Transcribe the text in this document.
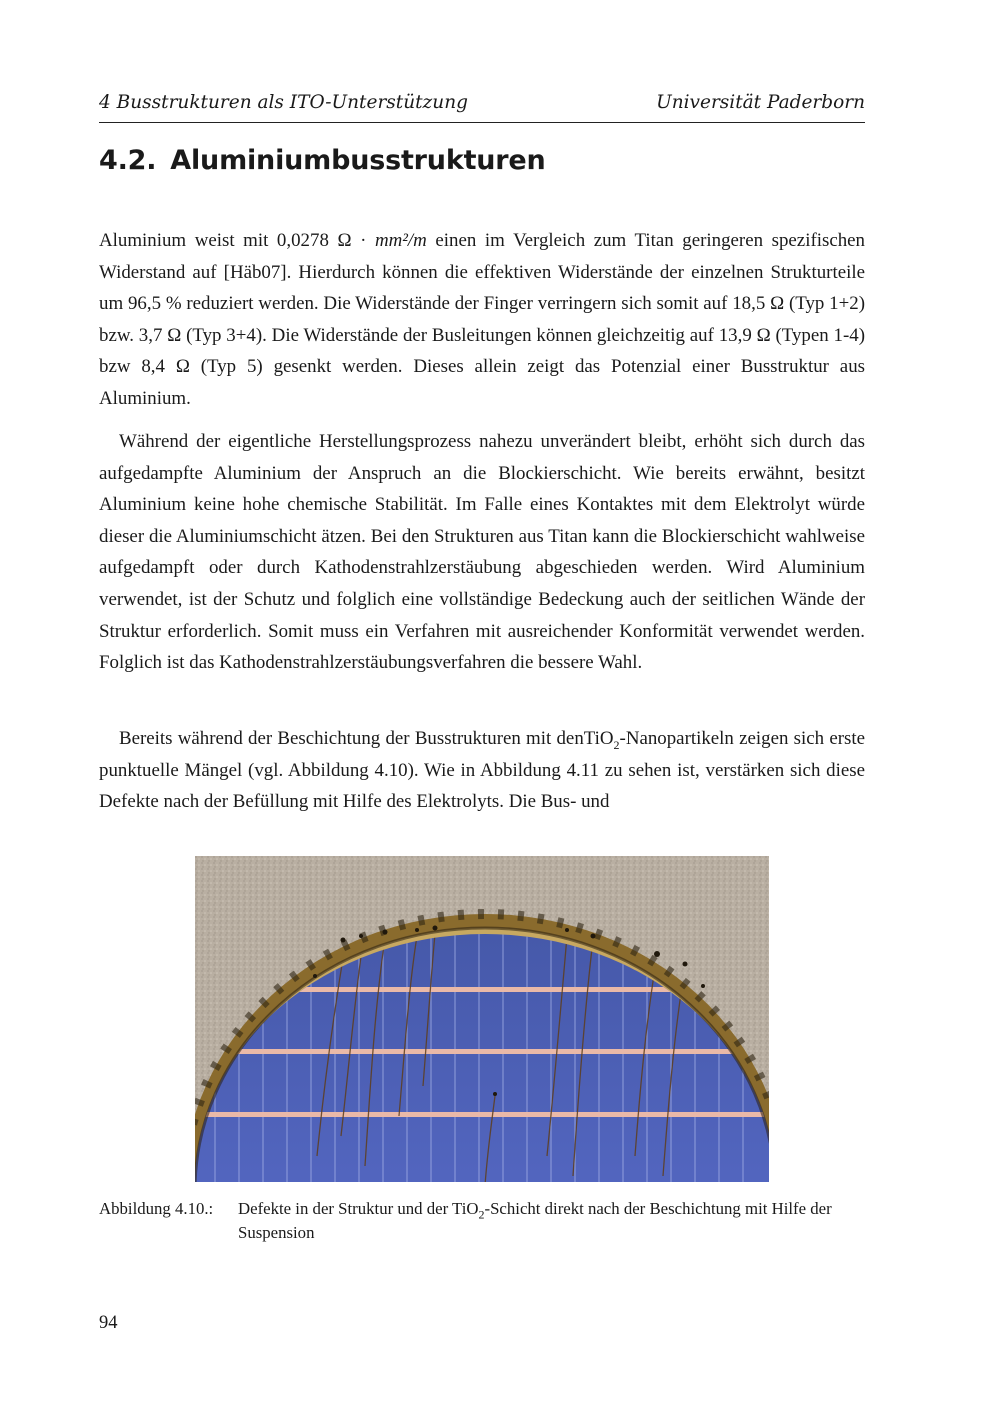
4 Busstrukturen als ITO-Unterstützung	Universität Paderborn
4.2. Aluminiumbusstrukturen

Aluminium weist mit 0,0278 Ω · mm²/m einen im Vergleich zum Titan geringeren spezifischen Widerstand auf [Häb07]. Hierdurch können die effektiven Widerstände der einzelnen Strukturteile um 96,5 % reduziert werden. Die Widerstände der Finger verringern sich somit auf 18,5 Ω (Typ 1+2) bzw. 3,7 Ω (Typ 3+4). Die Widerstände der Busleitungen können gleichzeitig auf 13,9 Ω (Typen 1-4) bzw 8,4 Ω (Typ 5) gesenkt werden. Dieses allein zeigt das Potenzial einer Busstruktur aus Aluminium.

Während der eigentliche Herstellungsprozess nahezu unverändert bleibt, erhöht sich durch das aufgedampfte Aluminium der Anspruch an die Blockierschicht. Wie bereits erwähnt, besitzt Aluminium keine hohe chemische Stabilität. Im Falle eines Kontaktes mit dem Elektrolyt würde dieser die Aluminiumschicht ätzen. Bei den Strukturen aus Titan kann die Blockierschicht wahlweise aufgedampft oder durch Kathodenstrahlzerstäubung abgeschieden werden. Wird Aluminium verwendet, ist der Schutz und folglich eine vollständige Bedeckung auch der seitlichen Wände der Struktur erforderlich. Somit muss ein Verfahren mit ausreichender Konformität verwendet werden. Folglich ist das Kathodenstrahlzerstäubungsverfahren die bessere Wahl.

Bereits während der Beschichtung der Busstrukturen mit denTiO$_2$-Nanopartikeln zeigen sich erste punktuelle Mängel (vgl. Abbildung 4.10). Wie in Abbildung 4.11 zu sehen ist, verstärken sich diese Defekte nach der Befüllung mit Hilfe des Elektrolyts. Die Bus- und

Abbildung 4.10.: Defekte in der Struktur und der TiO$_2$-Schicht direkt nach der Beschichtung mit Hilfe der Suspension
94
